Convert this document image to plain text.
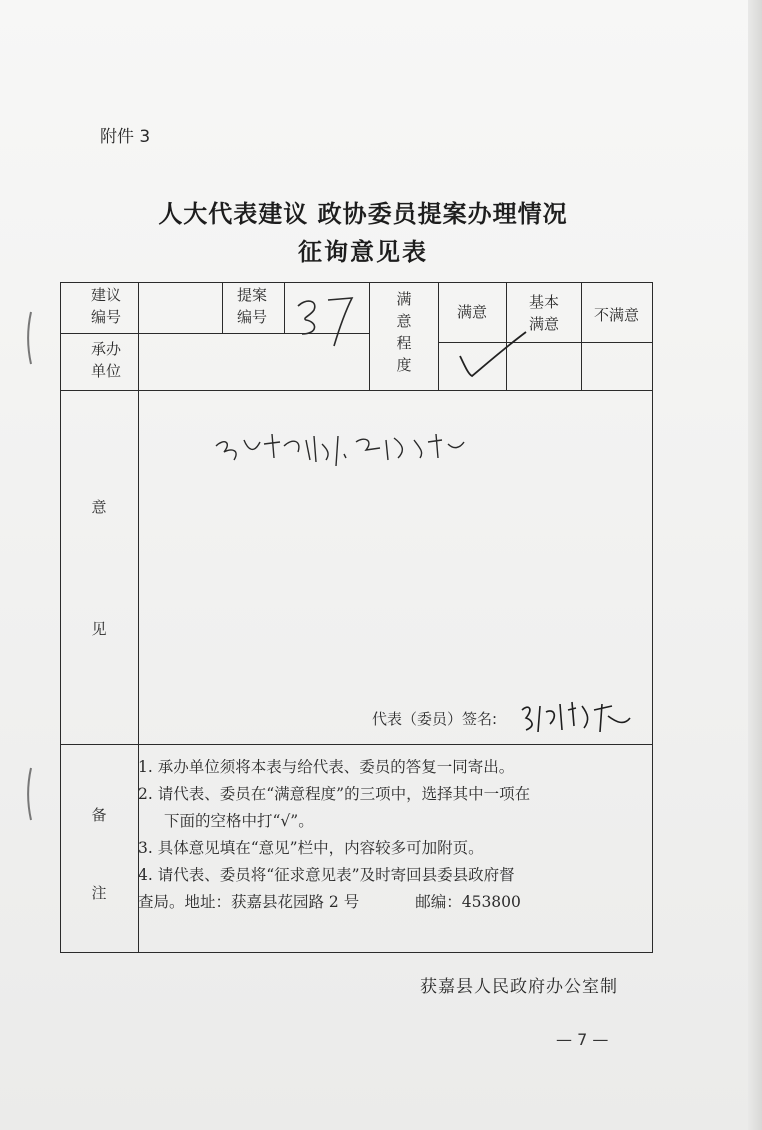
附件 3
人大代表建议 政协委员提案办理情况
征询意见表
建议编号
提案编号
满意程度
满意
基本满意	不满意
承办单位
意
见
代表（委员）签名:
备
注
1. 承办单位须将本表与给代表、委员的答复一同寄出。
2. 请代表、委员在“满意程度”的三项中，选择其中一项在
下面的空格中打“√”。
3. 具体意见填在“意见”栏中，内容较多可加附页。
4. 请代表、委员将“征求意见表”及时寄回县委县政府督
查局。地址：获嘉县花园路 2 号	邮编：453800
获嘉县人民政府办公室制
— 7 —
